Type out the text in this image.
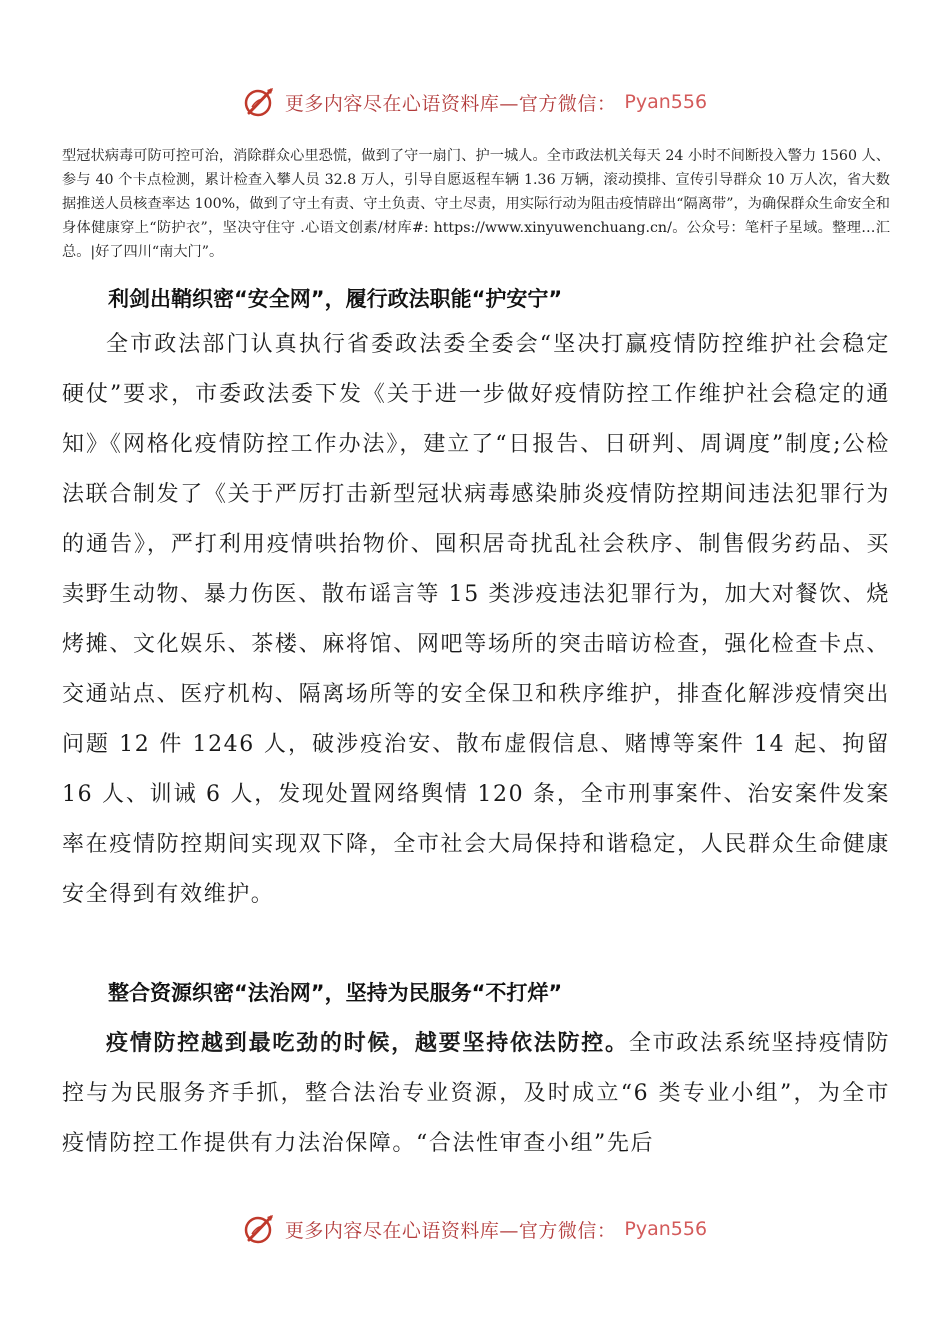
更多内容尽在心语资料库—官方微信： Pyan556
型冠状病毒可防可控可治，消除群众心里恐慌，做到了守一扇门、护一城人。全市政法机关每天 24 小时不间断投入警力 1560 人、参与 40 个卡点检测，累计检查入攀人员 32.8 万人，引导自愿返程车辆 1.36 万辆，滚动摸排、宣传引导群众 10 万人次，省大数据推送人员核查率达 100%，做到了守土有责、守土负责、守土尽责，用实际行动为阻击疫情辟出“隔离带”，为确保群众生命安全和身体健康穿上“防护衣”，坚决守住守 .心语文创素/材库#: https://www.xinyuwenchuang.cn/。公众号：笔杆子星域。整理…汇总。|好了四川“南大门”。
利剑出鞘织密“安全网”，履行政法职能“护安宁”
全市政法部门认真执行省委政法委全委会“坚决打赢疫情防控维护社会稳定硬仗”要求，市委政法委下发《关于进一步做好疫情防控工作维护社会稳定的通知》《网格化疫情防控工作办法》，建立了“日报告、日研判、周调度”制度;公检法联合制发了《关于严厉打击新型冠状病毒感染肺炎疫情防控期间违法犯罪行为的通告》，严打利用疫情哄抬物价、囤积居奇扰乱社会秩序、制售假劣药品、买卖野生动物、暴力伤医、散布谣言等 15 类涉疫违法犯罪行为，加大对餐饮、烧烤摊、文化娱乐、茶楼、麻将馆、网吧等场所的突击暗访检查，强化检查卡点、交通站点、医疗机构、隔离场所等的安全保卫和秩序维护，排查化解涉疫情突出问题 12 件 1246 人，破涉疫治安、散布虚假信息、赌博等案件 14 起、拘留 16 人、训诫 6 人，发现处置网络舆情 120 条，全市刑事案件、治安案件发案率在疫情防控期间实现双下降，全市社会大局保持和谐稳定，人民群众生命健康安全得到有效维护。
整合资源织密“法治网”，坚持为民服务“不打烊”
疫情防控越到最吃劲的时候，越要坚持依法防控。全市政法系统坚持疫情防控与为民服务齐手抓，整合法治专业资源，及时成立“6 类专业小组”，为全市疫情防控工作提供有力法治保障。“合法性审查小组”先后
更多内容尽在心语资料库—官方微信： Pyan556
